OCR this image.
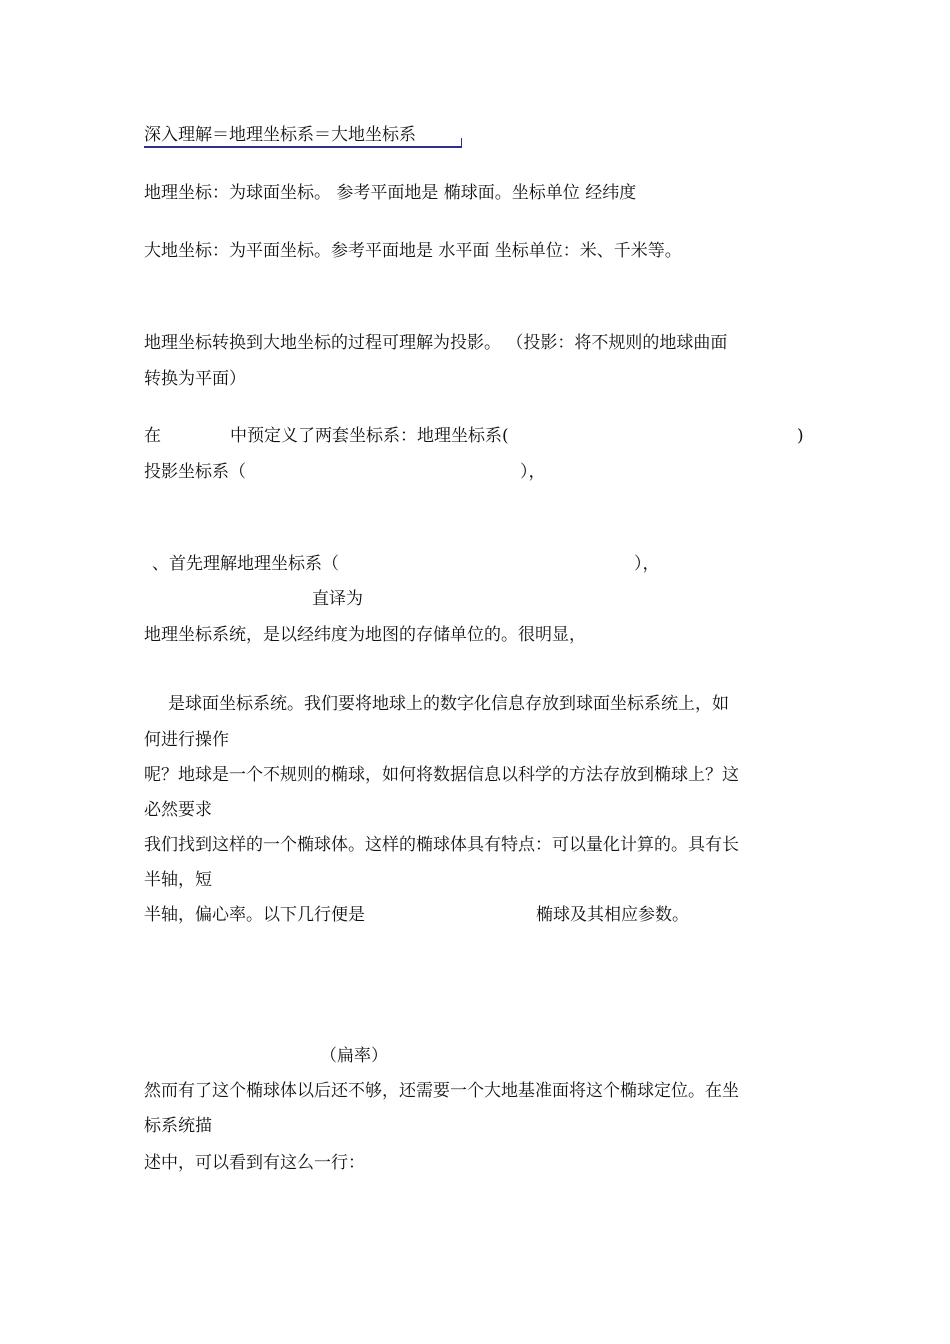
深入理解＝地理坐标系＝大地坐标系
地理坐标：为球面坐标。 参考平面地是 椭球面。坐标单位 经纬度
大地坐标：为平面坐标。参考平面地是 水平面 坐标单位：米、千米等。
地理坐标转换到大地坐标的过程可理解为投影。 （投影：将不规则的地球曲面
转换为平面）
在	中预定义了两套坐标系：地理坐标系(	)
投影坐标系（	），
、首先理解地理坐标系（	），
直译为
地理坐标系统，是以经纬度为地图的存储单位的。很明显，
是球面坐标系统。我们要将地球上的数字化信息存放到球面坐标系统上，如
何进行操作
呢？地球是一个不规则的椭球，如何将数据信息以科学的方法存放到椭球上？这
必然要求
我们找到这样的一个椭球体。这样的椭球体具有特点：可以量化计算的。具有长
半轴，短
半轴，偏心率。以下几行便是	椭球及其相应参数。
（扁率）
然而有了这个椭球体以后还不够，还需要一个大地基准面将这个椭球定位。在坐
标系统描
述中，可以看到有这么一行：
